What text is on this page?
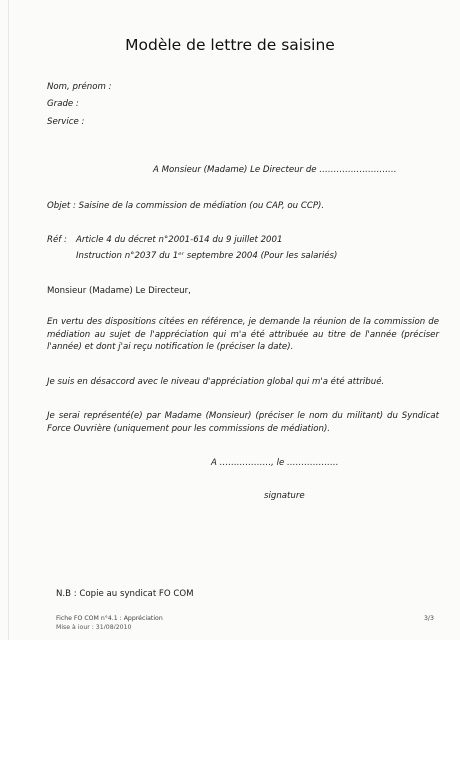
Modèle de lettre de saisine
Nom, prénom :
Grade :
Service :
A Monsieur (Madame) Le Directeur de ………………………
Objet : Saisine de la commission de médiation (ou CAP, ou CCP).
Réf : Article 4 du décret n°2001-614 du 9 juillet 2001
Instruction n°2037 du 1ᵉʳ septembre 2004 (Pour les salariés)
Monsieur (Madame) Le Directeur,
En vertu des dispositions citées en référence, je demande la réunion de la commission de médiation au sujet de l'appréciation qui m'a été attribuée au titre de l'année (préciser l'année) et dont j'ai reçu notification le (préciser la date).
Je suis en désaccord avec le niveau d'appréciation global qui m'a été attribué.
Je serai représenté(e) par Madame (Monsieur) (préciser le nom du militant) du Syndicat Force Ouvrière (uniquement pour les commissions de médiation).
A ………………, le ………………
signature
N.B : Copie au syndicat FO COM
Fiche FO COM n°4.1 : Appréciation
Mise à jour : 31/08/2010
3/3
